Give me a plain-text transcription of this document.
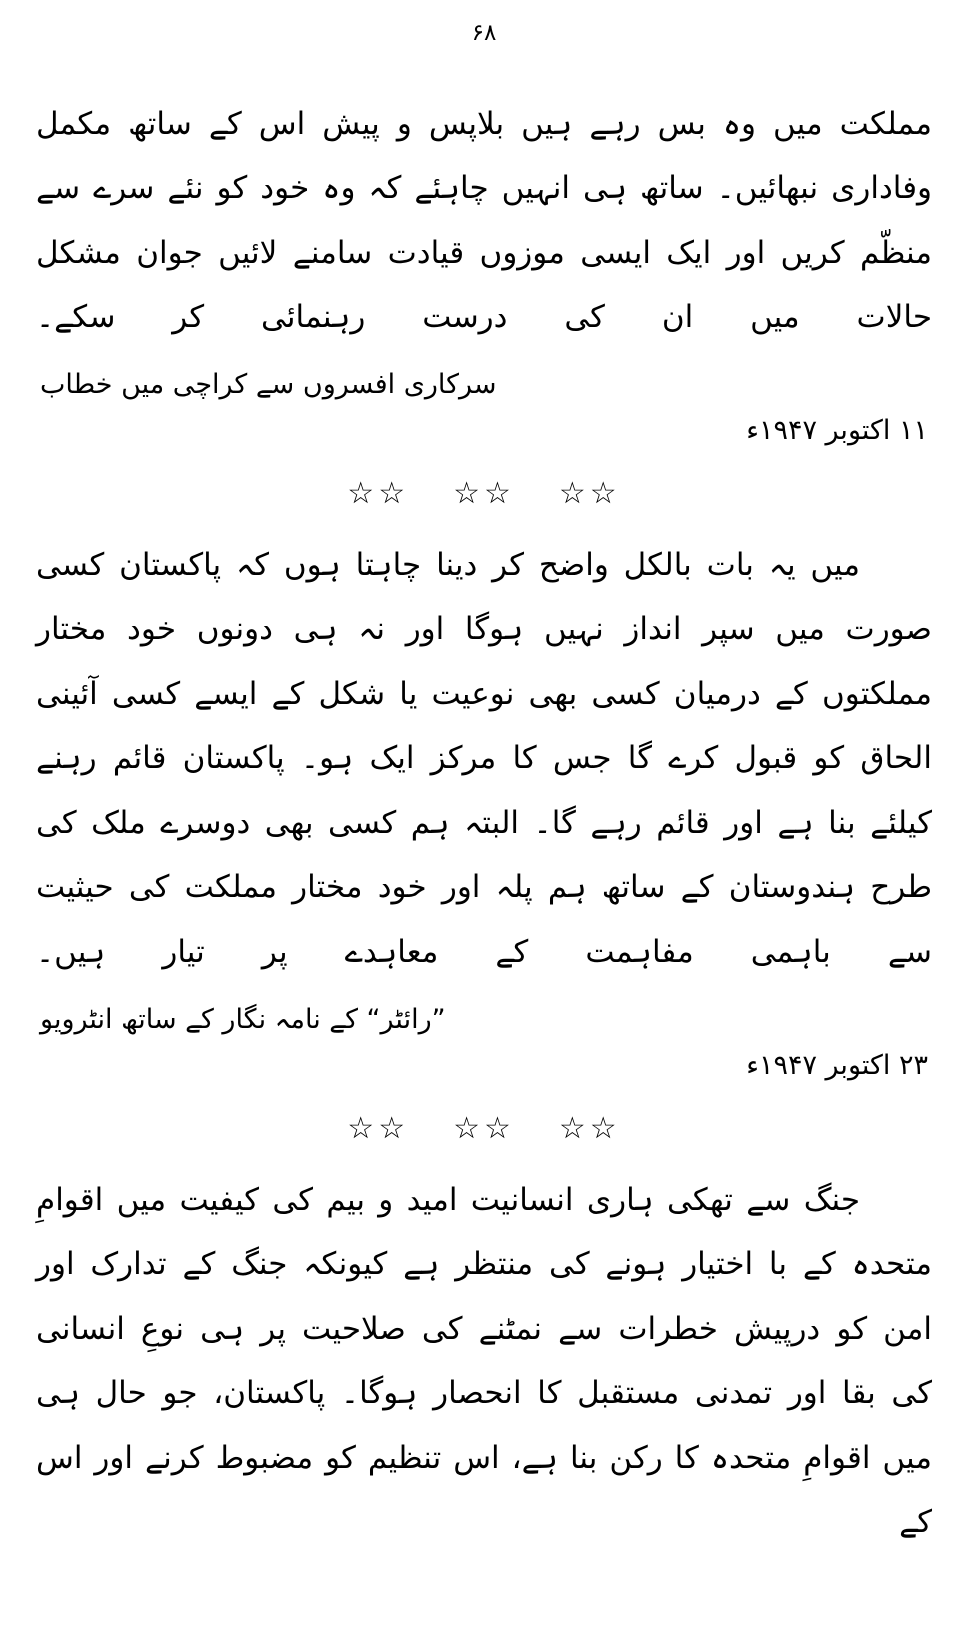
۶۸

مملکت میں وہ بس رہے ہیں بلاپس و پیش اس کے ساتھ مکمل وفاداری نبھائیں۔ ساتھ ہی انہیں چاہئے کہ وہ خود کو نئے سرے سے منظّم کریں اور ایک ایسی موزوں قیادت سامنے لائیں جوان مشکل حالات میں ان کی درست رہنمائی کر سکے۔

سرکاری افسروں سے کراچی میں خطاب
۱۱ اکتوبر ۱۹۴۷ء
☆☆☆☆☆☆

میں یہ بات بالکل واضح کر دینا چاہتا ہوں کہ پاکستان کسی صورت میں سپر انداز نہیں ہوگا اور نہ ہی دونوں خود مختار مملکتوں کے درمیان کسی بھی نوعیت یا شکل کے ایسے کسی آئینی الحاق کو قبول کرے گا جس کا مرکز ایک ہو۔ پاکستان قائم رہنے کیلئے بنا ہے اور قائم رہے گا۔ البتہ ہم کسی بھی دوسرے ملک کی طرح ہندوستان کے ساتھ ہم پلہ اور خود مختار مملکت کی حیثیت سے باہمی مفاہمت کے معاہدے پر تیار ہیں۔

”رائٹر“ کے نامہ نگار کے ساتھ انٹرویو
۲۳ اکتوبر ۱۹۴۷ء
☆☆☆☆☆☆

جنگ سے تھکی ہاری انسانیت امید و بیم کی کیفیت میں اقوامِ متحدہ کے با اختیار ہونے کی منتظر ہے کیونکہ جنگ کے تدارک اور امن کو درپیش خطرات سے نمٹنے کی صلاحیت پر ہی نوعِ انسانی کی بقا اور تمدنی مستقبل کا انحصار ہوگا۔ پاکستان، جو حال ہی میں اقوامِ متحدہ کا رکن بنا ہے، اس تنظیم کو مضبوط کرنے اور اس کے
